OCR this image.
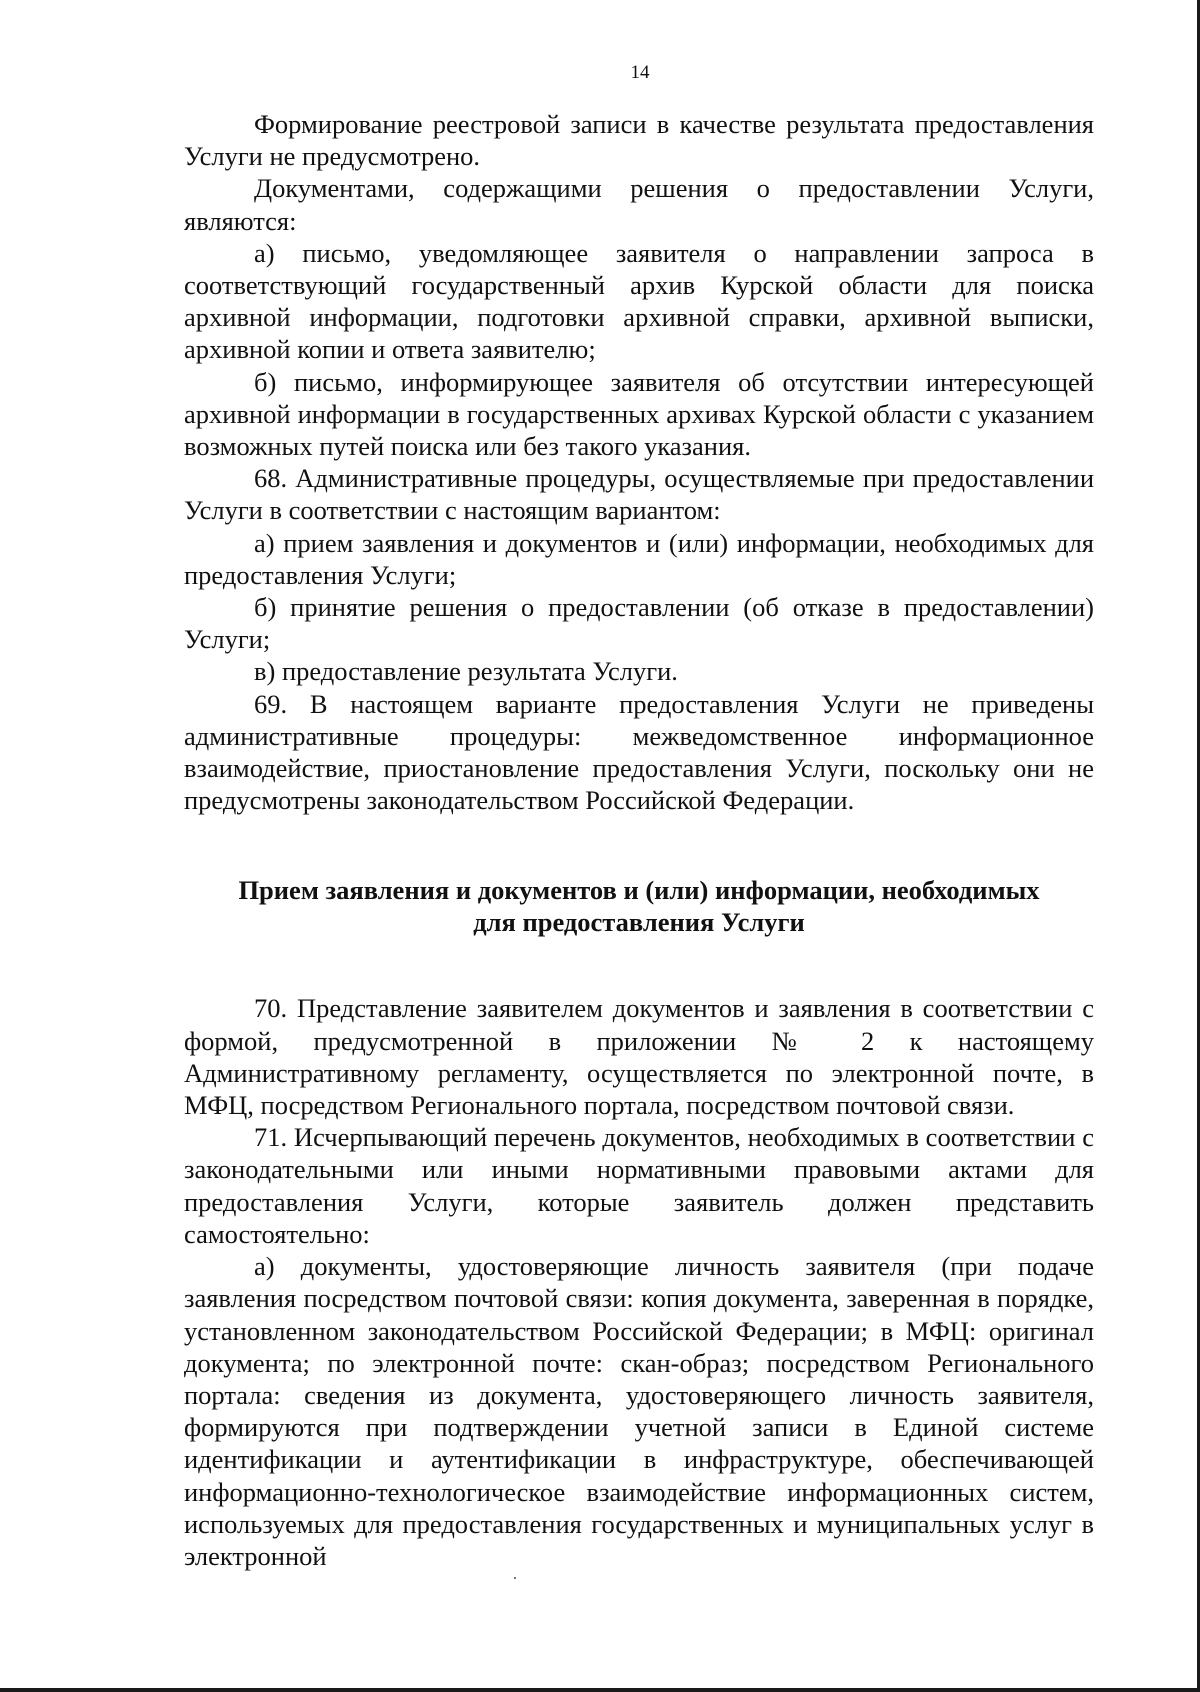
14

Формирование реестровой записи в качестве результата предоставления Услуги не предусмотрено.

Документами, содержащими решения о предоставлении Услуги, являются:

а) письмо, уведомляющее заявителя о направлении запроса в соответствующий государственный архив Курской области для поиска архивной информации, подготовки архивной справки, архивной выписки, архивной копии и ответа заявителю;

б) письмо, информирующее заявителя об отсутствии интересующей архивной информации в государственных архивах Курской области с указанием возможных путей поиска или без такого указания.

68. Административные процедуры, осуществляемые при предоставлении Услуги в соответствии с настоящим вариантом:

а) прием заявления и документов и (или) информации, необходимых для предоставления Услуги;

б) принятие решения о предоставлении (об отказе в предоставлении) Услуги;

в) предоставление результата Услуги.

69. В настоящем варианте предоставления Услуги не приведены административные процедуры: межведомственное информационное взаимодействие, приостановление предоставления Услуги, поскольку они не предусмотрены законодательством Российской Федерации.

Прием заявления и документов и (или) информации, необходимых
для предоставления Услуги

70. Представление заявителем документов и заявления в соответствии с формой, предусмотренной в приложении № 2 к настоящему Административному регламенту, осуществляется по электронной почте, в МФЦ, посредством Регионального портала, посредством почтовой связи.

71. Исчерпывающий перечень документов, необходимых в соответствии с законодательными или иными нормативными правовыми актами для предоставления Услуги, которые заявитель должен представить самостоятельно:

а) документы, удостоверяющие личность заявителя (при подаче заявления посредством почтовой связи: копия документа, заверенная в порядке, установленном законодательством Российской Федерации; в МФЦ: оригинал документа; по электронной почте: скан-образ; посредством Регионального портала: сведения из документа, удостоверяющего личность заявителя, формируются при подтверждении учетной записи в Единой системе идентификации и аутентификации в инфраструктуре, обеспечивающей информационно-технологическое взаимодействие информационных систем, используемых для предоставления государственных и муниципальных услуг в электронной
